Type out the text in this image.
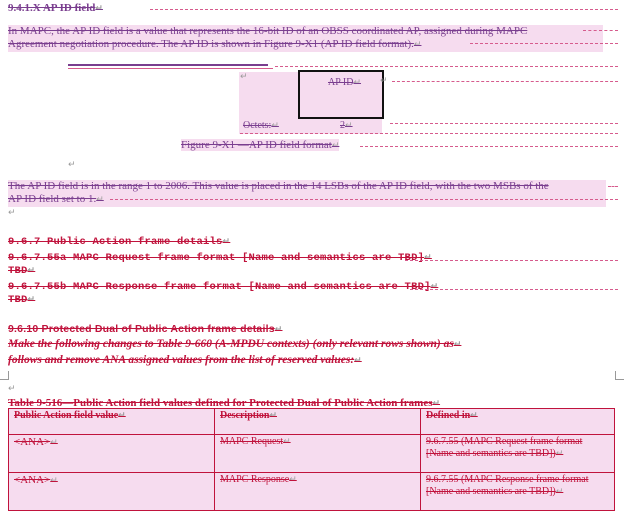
9.4.1.X AP ID field↵
In MAPC, the AP ID field is a value that represents the 16-bit ID of an OBSS coordinated AP, assigned during MAPC
Agreement negotiation procedure. The AP ID is shown in Figure 9-X1 (AP ID field format).↵
↵	AP ID↵ ↵
Octets:↵	2↵
Figure 9-X1 —AP ID field format↵
↵
The AP ID field is in the range 1 to 2006. This value is placed in the 14 LSBs of the AP ID field, with the two MSBs of the
AP ID field set to 1.↵
↵
9.6.7 Public Action frame details↵
9.6.7.55a MAPC Request frame format [Name and semantics are TBD]↵
TBD↵
9.6.7.55b MAPC Response frame format [Name and semantics are TBD]↵
TBD↵
9.6.10 Protected Dual of Public Action frame details↵
Make the following changes to Table 9-660 (A-MPDU contexts) (only relevant rows shown) as↵
follows and remove ANA assigned values from the list of reserved values:↵
↵
Table 9-516—Public Action field values defined for Protected Dual of Public Action frames↵
Public Action field value↵	Description↵	Defined in↵
<ANA>↵	MAPC Request↵	9.6.7.55 (MAPC Request frame format [Name and semantics are TBD])↵
<ANA>↵	MAPC Response↵	9.6.7.55 (MAPC Response frame format [Name and semantics are TBD])↵
